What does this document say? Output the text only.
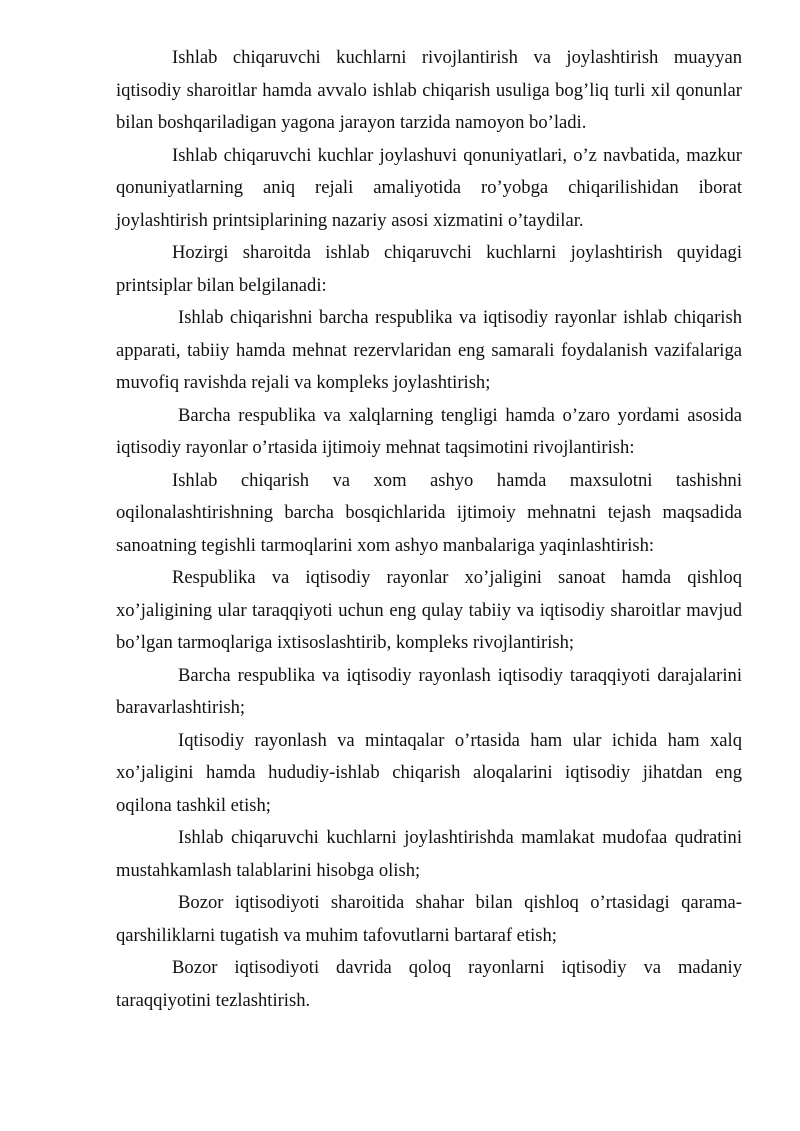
Ishlab chiqaruvchi kuchlarni rivojlantirish va joylashtirish muayyan iqtisodiy sharoitlar hamda avvalo ishlab chiqarish usuliga bog’liq turli xil qonunlar bilan boshqariladigan yagona jarayon tarzida namoyon bo’ladi.

Ishlab chiqaruvchi kuchlar joylashuvi qonuniyatlari, o’z navbatida, mazkur qonuniyatlarning aniq rejali amaliyotida ro’yobga chiqarilishidan iborat joylashtirish printsiplarining nazariy asosi xizmatini o’taydilar.

Hozirgi sharoitda ishlab chiqaruvchi kuchlarni joylashtirish quyidagi printsiplar bilan belgilanadi:

Ishlab chiqarishni barcha respublika va iqtisodiy rayonlar ishlab chiqarish apparati, tabiiy hamda mehnat rezervlaridan eng samarali foydalanish vazifalariga muvofiq ravishda rejali va kompleks joylashtirish;

Barcha respublika va xalqlarning tengligi hamda o’zaro yordami asosida iqtisodiy rayonlar o’rtasida ijtimoiy mehnat taqsimotini rivojlantirish:

Ishlab chiqarish va xom ashyo hamda maxsulotni tashishni oqilonalashtirishning barcha bosqichlarida ijtimoiy mehnatni tejash maqsadida sanoatning tegishli tarmoqlarini xom ashyo manbalariga yaqinlashtirish:

Respublika va iqtisodiy rayonlar xo’jaligini sanoat hamda qishloq xo’jaligining ular taraqqiyoti uchun eng qulay tabiiy va iqtisodiy sharoitlar mavjud bo’lgan tarmoqlariga ixtisoslashtirib, kompleks rivojlantirish;

Barcha respublika va iqtisodiy rayonlash iqtisodiy taraqqiyoti darajalarini baravarlashtirish;

Iqtisodiy rayonlash va mintaqalar o’rtasida ham ular ichida ham xalq xo’jaligini hamda hududiy-ishlab chiqarish aloqalarini iqtisodiy jihatdan eng oqilona tashkil etish;

Ishlab chiqaruvchi kuchlarni joylashtirishda mamlakat mudofaa qudratini mustahkamlash talablarini hisobga olish;

Bozor iqtisodiyoti sharoitida shahar bilan qishloq o’rtasidagi qarama-qarshiliklarni tugatish va muhim tafovutlarni bartaraf etish;

Bozor iqtisodiyoti davrida qoloq rayonlarni iqtisodiy va madaniy taraqqiyotini tezlashtirish.
